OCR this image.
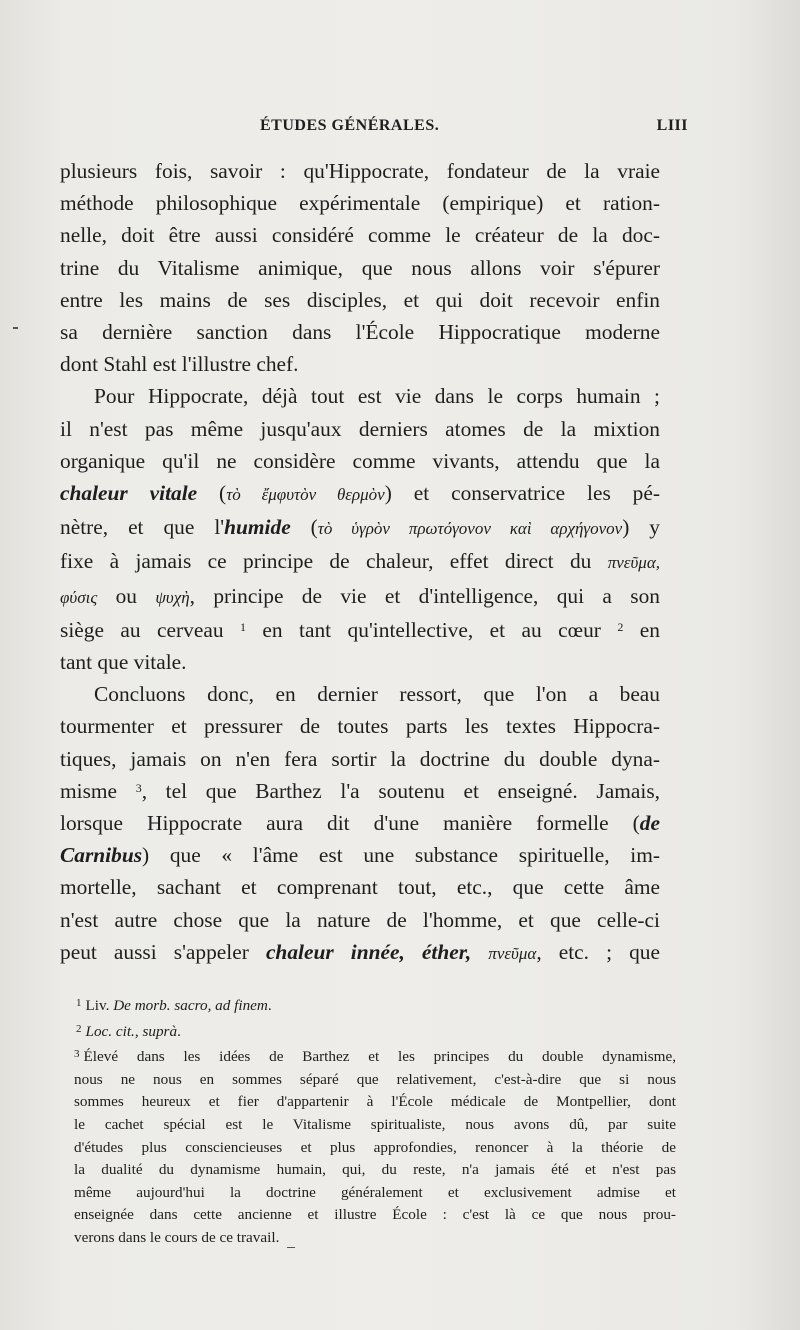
ÉTUDES GÉNÉRALES.	LIII

plusieurs fois, savoir : qu'Hippocrate, fondateur de la vraie
méthode philosophique expérimentale (empirique) et ration-
nelle, doit être aussi considéré comme le créateur de la doc-
trine du Vitalisme animique, que nous allons voir s'épurer
entre les mains de ses disciples, et qui doit recevoir enfin
sa dernière sanction dans l'École Hippocratique moderne
dont Stahl est l'illustre chef.

Pour Hippocrate, déjà tout est vie dans le corps humain ;
il n'est pas même jusqu'aux derniers atomes de la mixtion
organique qu'il ne considère comme vivants, attendu que la
chaleur vitale (τὸ ἔμφυτὸν θερμὸν) et conservatrice les pé-
nètre, et que l'humide (τὸ ὑγρὸν πρωτόγονον καὶ αρχήγονον) y
fixe à jamais ce principe de chaleur, effet direct du πνεῦμα,
φύσις ou ψυχὴ, principe de vie et d'intelligence, qui a son
siège au cerveau $^1$ en tant qu'intellective, et au cœur $^2$ en
tant que vitale.

Concluons donc, en dernier ressort, que l'on a beau
tourmenter et pressurer de toutes parts les textes Hippocra-
tiques, jamais on n'en fera sortir la doctrine du double dyna-
misme $^3$, tel que Barthez l'a soutenu et enseigné. Jamais,
lorsque Hippocrate aura dit d'une manière formelle (de
Carnibus) que « l'âme est une substance spirituelle, im-
mortelle, sachant et comprenant tout, etc., que cette âme
n'est autre chose que la nature de l'homme, et que celle-ci
peut aussi s'appeler chaleur innée, éther, πνεῦμα, etc. ; que

$^1$ Liv. De morb. sacro, ad finem.
$^2$ Loc. cit., suprà.
$^3$ Élevé dans les idées de Barthez et les principes du double dynamisme,
nous ne nous en sommes séparé que relativement, c'est-à-dire que si nous
sommes heureux et fier d'appartenir à l'École médicale de Montpellier, dont
le cachet spécial est le Vitalisme spiritualiste, nous avons dû, par suite
d'études plus consciencieuses et plus approfondies, renoncer à la théorie de
la dualité du dynamisme humain, qui, du reste, n'a jamais été et n'est pas
même aujourd'hui la doctrine généralement et exclusivement admise et
enseignée dans cette ancienne et illustre École : c'est là ce que nous prou-
verons dans le cours de ce travail.
